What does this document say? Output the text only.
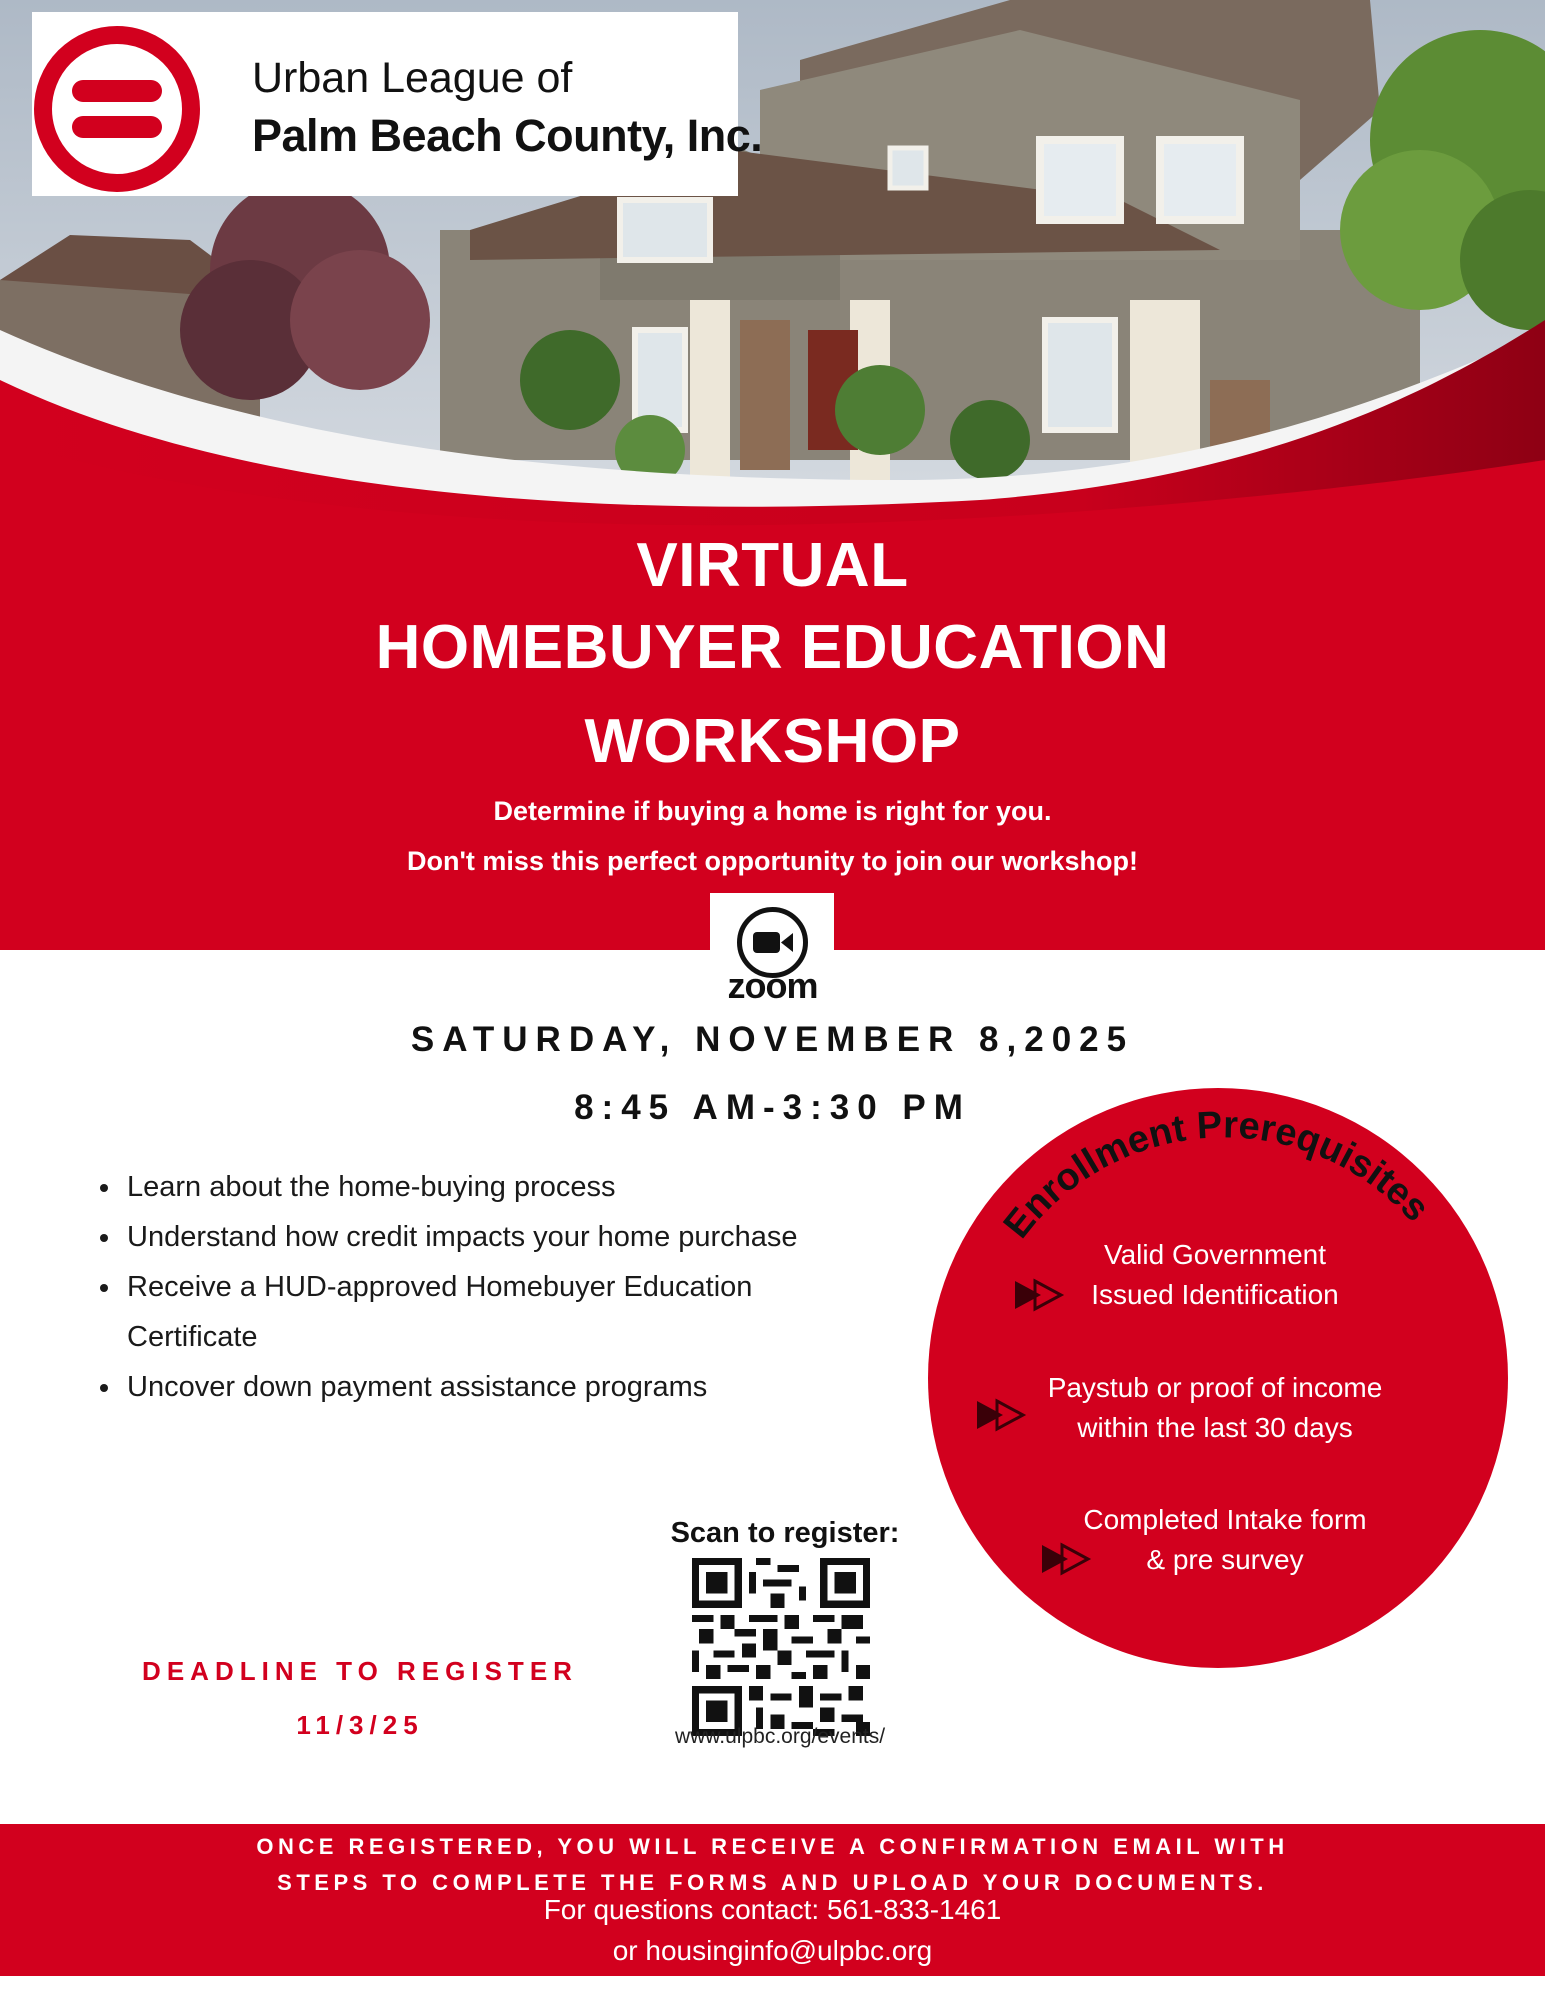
Urban League of
Palm Beach County, Inc.
VIRTUAL
HOMEBUYER EDUCATION
WORKSHOP
Determine if buying a home is right for you.
Don't miss this perfect opportunity to join our workshop!
zoom
SATURDAY, NOVEMBER 8,2025
8:45 AM-3:30 PM
• Learn about the home-buying process
• Understand how credit impacts your home purchase
• Receive a HUD-approved Homebuyer Education Certificate
• Uncover down payment assistance programs
Enrollment Prerequisites
Valid Government
Issued Identification
Paystub or proof of income
within the last 30 days
Completed Intake form
& pre survey
DEADLINE TO REGISTER
11/3/25
Scan to register:
www.ulpbc.org/events/
ONCE REGISTERED, YOU WILL RECEIVE A CONFIRMATION EMAIL WITH
STEPS TO COMPLETE THE FORMS AND UPLOAD YOUR DOCUMENTS.
For questions contact: 561-833-1461
or housinginfo@ulpbc.org
